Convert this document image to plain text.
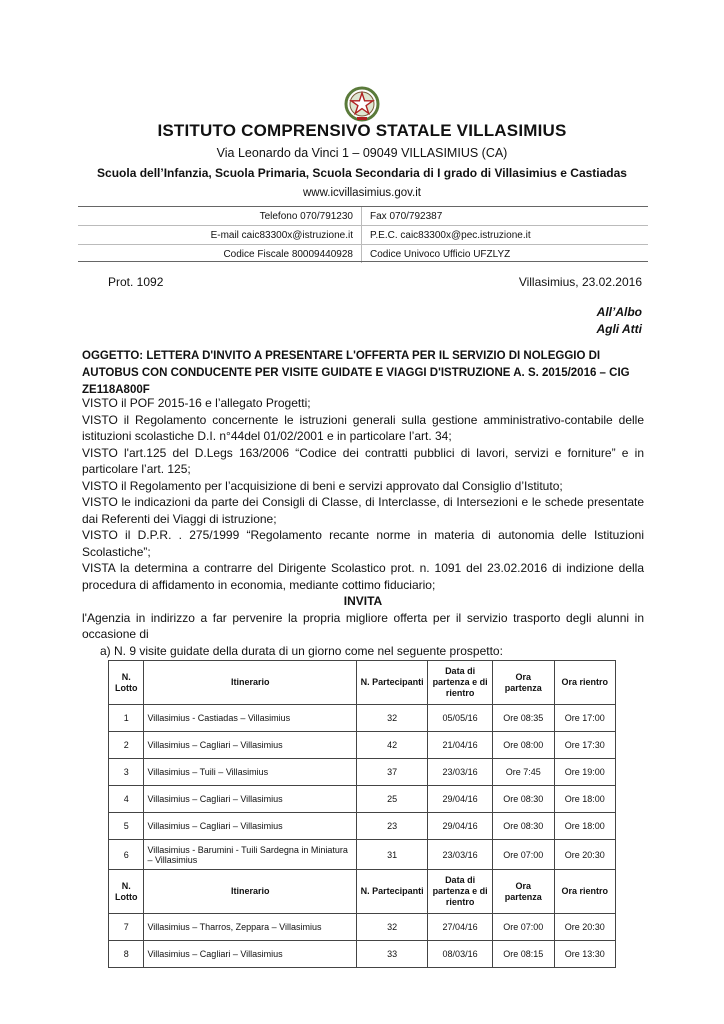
ISTITUTO COMPRENSIVO STATALE VILLASIMIUS
Via Leonardo da Vinci 1 – 09049 VILLASIMIUS (CA)
Scuola dell’Infanzia, Scuola Primaria, Scuola Secondaria di I grado di Villasimius e Castiadas
www.icvillasimius.gov.it
Telefono 070/791230	Fax 070/792387
E-mail caic83300x@istruzione.it	P.E.C. caic83300x@pec.istruzione.it
Codice Fiscale 80009440928	Codice Univoco Ufficio UFZLYZ
Prot. 1092	Villasimius, 23.02.2016
All’Albo
Agli Atti
OGGETTO: LETTERA D'INVITO A PRESENTARE L'OFFERTA PER IL SERVIZIO DI NOLEGGIO DI AUTOBUS CON CONDUCENTE PER VISITE GUIDATE E VIAGGI D'ISTRUZIONE A. S. 2015/2016 – CIG ZE118A800F

VISTO il POF 2015-16 e l’allegato Progetti;

VISTO il Regolamento concernente le istruzioni generali sulla gestione amministrativo-contabile delle istituzioni scolastiche D.I. n°44del 01/02/2001 e in particolare l’art. 34;

VISTO l'art.125 del D.Legs 163/2006 “Codice dei contratti pubblici di lavori, servizi e forniture” e in particolare l’art. 125;

VISTO il Regolamento per l’acquisizione di beni e servizi approvato dal Consiglio d’Istituto;

VISTO le indicazioni da parte dei Consigli di Classe, di Interclasse, di Intersezioni e le schede presentate dai Referenti dei Viaggi di istruzione;

VISTO il D.P.R. . 275/1999 “Regolamento recante norme in materia di autonomia delle Istituzioni Scolastiche”;

VISTA la determina a contrarre del Dirigente Scolastico prot. n. 1091 del 23.02.2016 di indizione della procedura di affidamento in economia, mediante cottimo fiduciario;

INVITA

l'Agenzia in indirizzo a far pervenire la propria migliore offerta per il servizio trasporto degli alunni in occasione di

a) N. 9 visite guidate della durata di un giorno come nel seguente prospetto:

N. Lotto	Itinerario	N. Partecipanti	Data di partenza e di rientro	Ora partenza	Ora rientro
1	Villasimius - Castiadas – Villasimius	32	05/05/16	Ore 08:35	Ore 17:00
2	Villasimius – Cagliari – Villasimius	42	21/04/16	Ore 08:00	Ore 17:30
3	Villasimius – Tuili – Villasimius	37	23/03/16	Ore 7:45	Ore 19:00
4	Villasimius – Cagliari – Villasimius	25	29/04/16	Ore 08:30	Ore 18:00
5	Villasimius – Cagliari – Villasimius	23	29/04/16	Ore 08:30	Ore 18:00
6	Villasimius - Barumini - Tuili Sardegna in Miniatura – Villasimius	31	23/03/16	Ore 07:00	Ore 20:30
N. Lotto	Itinerario	N. Partecipanti	Data di partenza e di rientro	Ora partenza	Ora rientro
7	Villasimius – Tharros, Zeppara – Villasimius	32	27/04/16	Ore 07:00	Ore 20:30
8	Villasimius – Cagliari – Villasimius	33	08/03/16	Ore 08:15	Ore 13:30
